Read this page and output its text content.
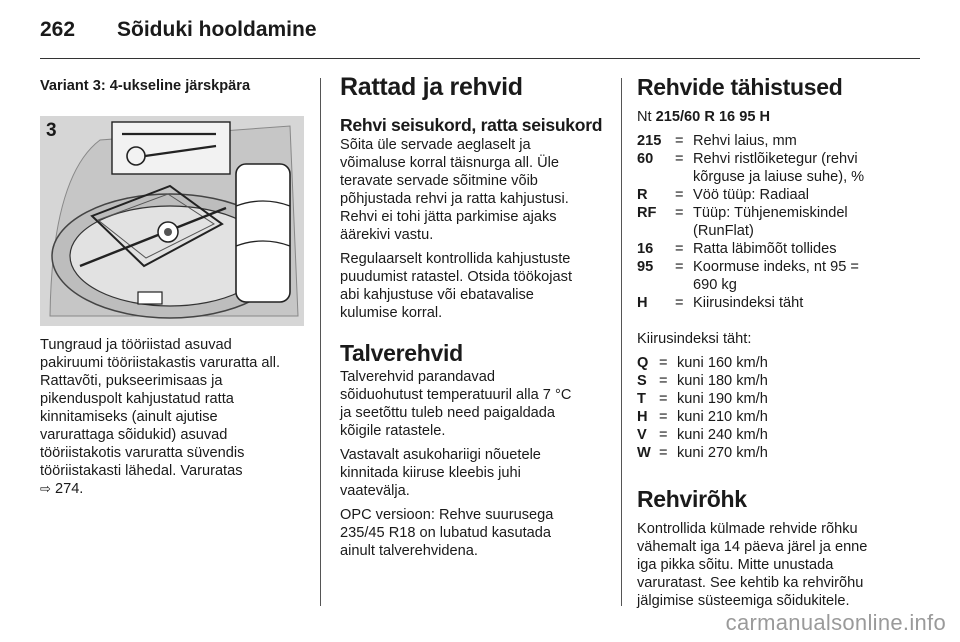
262 Sõiduki hooldamine

Variant 3: 4-ukseline järskpära

3

Tungraud ja tööriistad asuvad

pakiruumi tööriistakastis varuratta all.

Rattavõti, pukseerimisaas ja

pikenduspolt kahjustatud ratta

kinnitamiseks (ainult ajutise

varurattaga sõidukid) asuvad

tööriistakotis varuratta süvendis

tööriistakasti lähedal. Varuratas

⇨ 274.

Rattad ja rehvid

Rehvi seisukord, ratta seisukord

Sõita üle servade aeglaselt ja

võimaluse korral täisnurga all. Üle

teravate servade sõitmine võib

põhjustada rehvi ja ratta kahjustusi.

Rehvi ei tohi jätta parkimise ajaks

äärekivi vastu.

Regulaarselt kontrollida kahjustuste

puudumist ratastel. Otsida töökojast

abi kahjustuse või ebatavalise

kulumise korral.

Talverehvid

Talverehvid parandavad

sõiduohutust temperatuuril alla 7 °C

ja seetõttu tuleb need paigaldada

kõigile ratastele.

Vastavalt asukohariigi nõuetele

kinnitada kiiruse kleebis juhi

vaatevälja.

OPC versioon: Rehve suurusega

235/45 R18 on lubatud kasutada

ainult talverehvidena.

Rehvide tähistused

Nt 215/60 R 16 95 H

215 = Rehvi laius, mm
60	= Rehvi ristlõiketegur (rehvi
kõrguse ja laiuse suhe), %
R	= Vöö tüüp: Radiaal
RF	= Tüüp: Tühjenemiskindel
(RunFlat)
16	= Ratta läbimõõt tollides
95	= Koormuse indeks, nt 95 =
690 kg
H	= Kiirusindeksi täht

Kiirusindeksi täht:

Q = kuni 160 km/h
S = kuni 180 km/h
T = kuni 190 km/h
H = kuni 210 km/h
V = kuni 240 km/h
W = kuni 270 km/h

Rehvirõhk

Kontrollida külmade rehvide rõhku

vähemalt iga 14 päeva järel ja enne

iga pikka sõitu. Mitte unustada

varuratast. See kehtib ka rehvirõhu

jälgimise süsteemiga sõidukitele.

carmanualsonline.info
